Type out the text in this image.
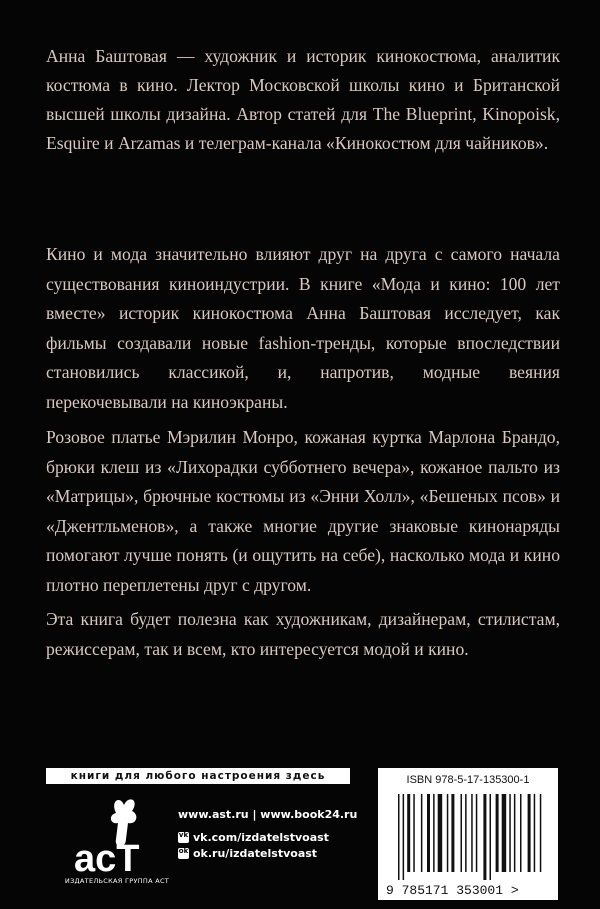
Анна Баштовая — художник и историк кинокостюма, аналитик костюма в кино. Лектор Московской школы кино и Британской высшей школы дизайна. Автор статей для The Blueprint, Kinopoisk, Esquire и Arzamas и телеграм-канала «Кинокостюм для чайников».

Кино и мода значительно влияют друг на друга с самого начала существования киноиндустрии. В книге «Мода и кино: 100 лет вместе» историк кинокостюма Анна Баштовая исследует, как фильмы создавали новые fashion-тренды, которые впоследствии становились классикой, и, напротив, модные веяния перекочевывали на киноэкраны.

Розовое платье Мэрилин Монро, кожаная куртка Марлона Брандо, брюки клеш из «Лихорадки субботнего вечера», кожаное пальто из «Матрицы», брючные костюмы из «Энни Холл», «Бешеных псов» и «Джентльменов», а также многие другие знаковые кинонаряды помогают лучше понять (и ощутить на себе), насколько мода и кино плотно переплетены друг с другом.

Эта книга будет полезна как художникам, дизайнерам, стилистам, режиссерам, так и всем, кто интересуется модой и кино.

книги для любого настроения здесь
acT
ИЗДАТЕЛЬСКАЯ ГРУППА АСТ
www.ast.ru | www.book24.ru
vk vk.com/izdatelstvoast
ok ok.ru/izdatelstvoast
ISBN 978-5-17-135300-1
9 785171 353001 >
